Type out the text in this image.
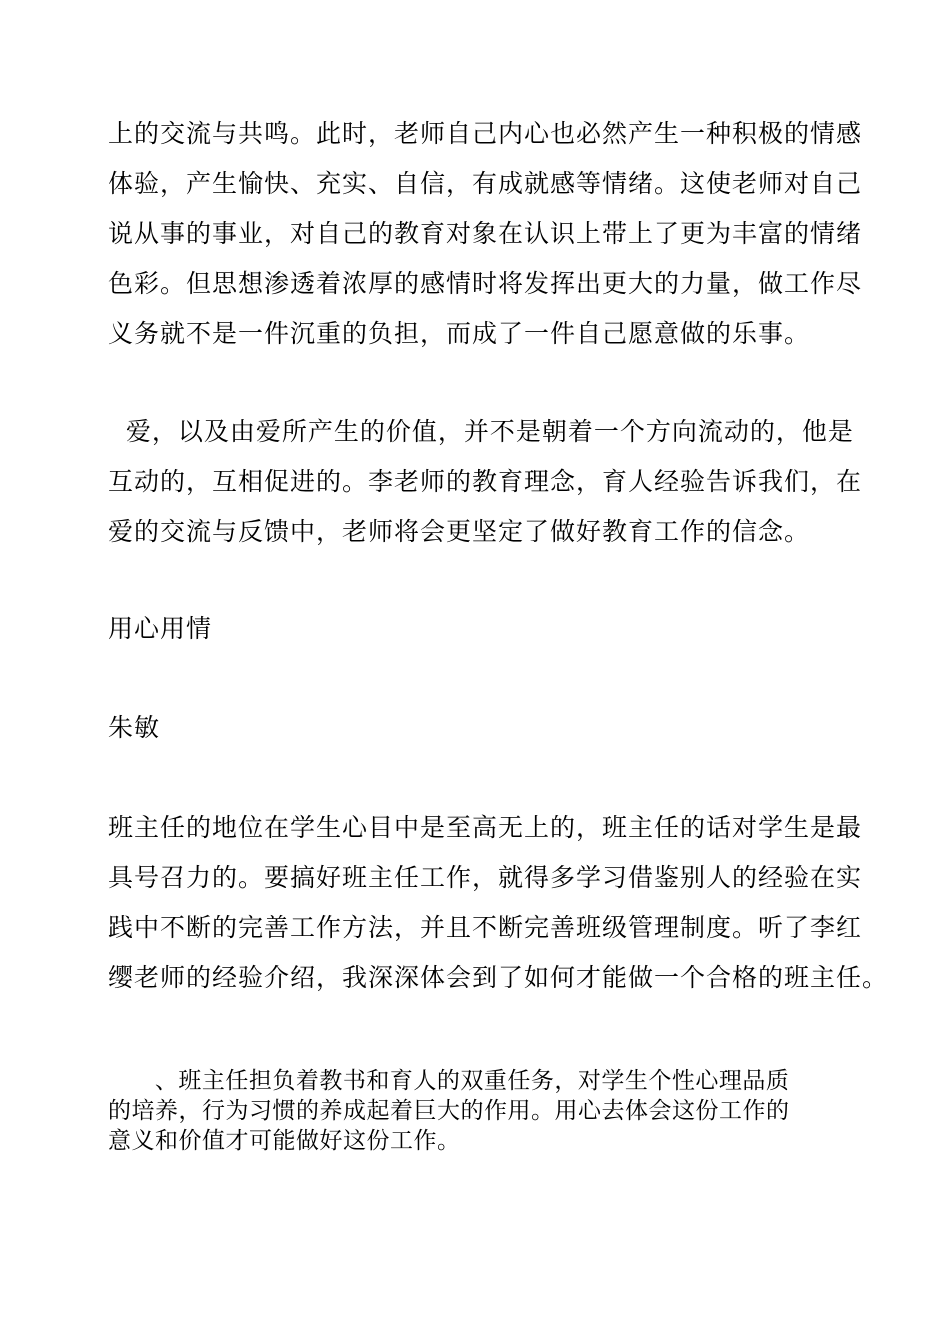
上的交流与共鸣。此时，老师自己内心也必然产生一种积极的情感

体验，产生愉快、充实、自信，有成就感等情绪。这使老师对自己

说从事的事业，对自己的教育对象在认识上带上了更为丰富的情绪

色彩。但思想渗透着浓厚的感情时将发挥出更大的力量，做工作尽

义务就不是一件沉重的负担，而成了一件自己愿意做的乐事。

爱，以及由爱所产生的价值，并不是朝着一个方向流动的，他是

互动的，互相促进的。李老师的教育理念，育人经验告诉我们，在

爱的交流与反馈中，老师将会更坚定了做好教育工作的信念。

用心用情

朱敏

班主任的地位在学生心目中是至高无上的，班主任的话对学生是最

具号召力的。要搞好班主任工作，就得多学习借鉴别人的经验在实

践中不断的完善工作方法，并且不断完善班级管理制度。听了李红

缨老师的经验介绍，我深深体会到了如何才能做一个合格的班主任。

、班主任担负着教书和育人的双重任务，对学生个性心理品质

的培养，行为习惯的养成起着巨大的作用。用心去体会这份工作的

意义和价值才可能做好这份工作。
